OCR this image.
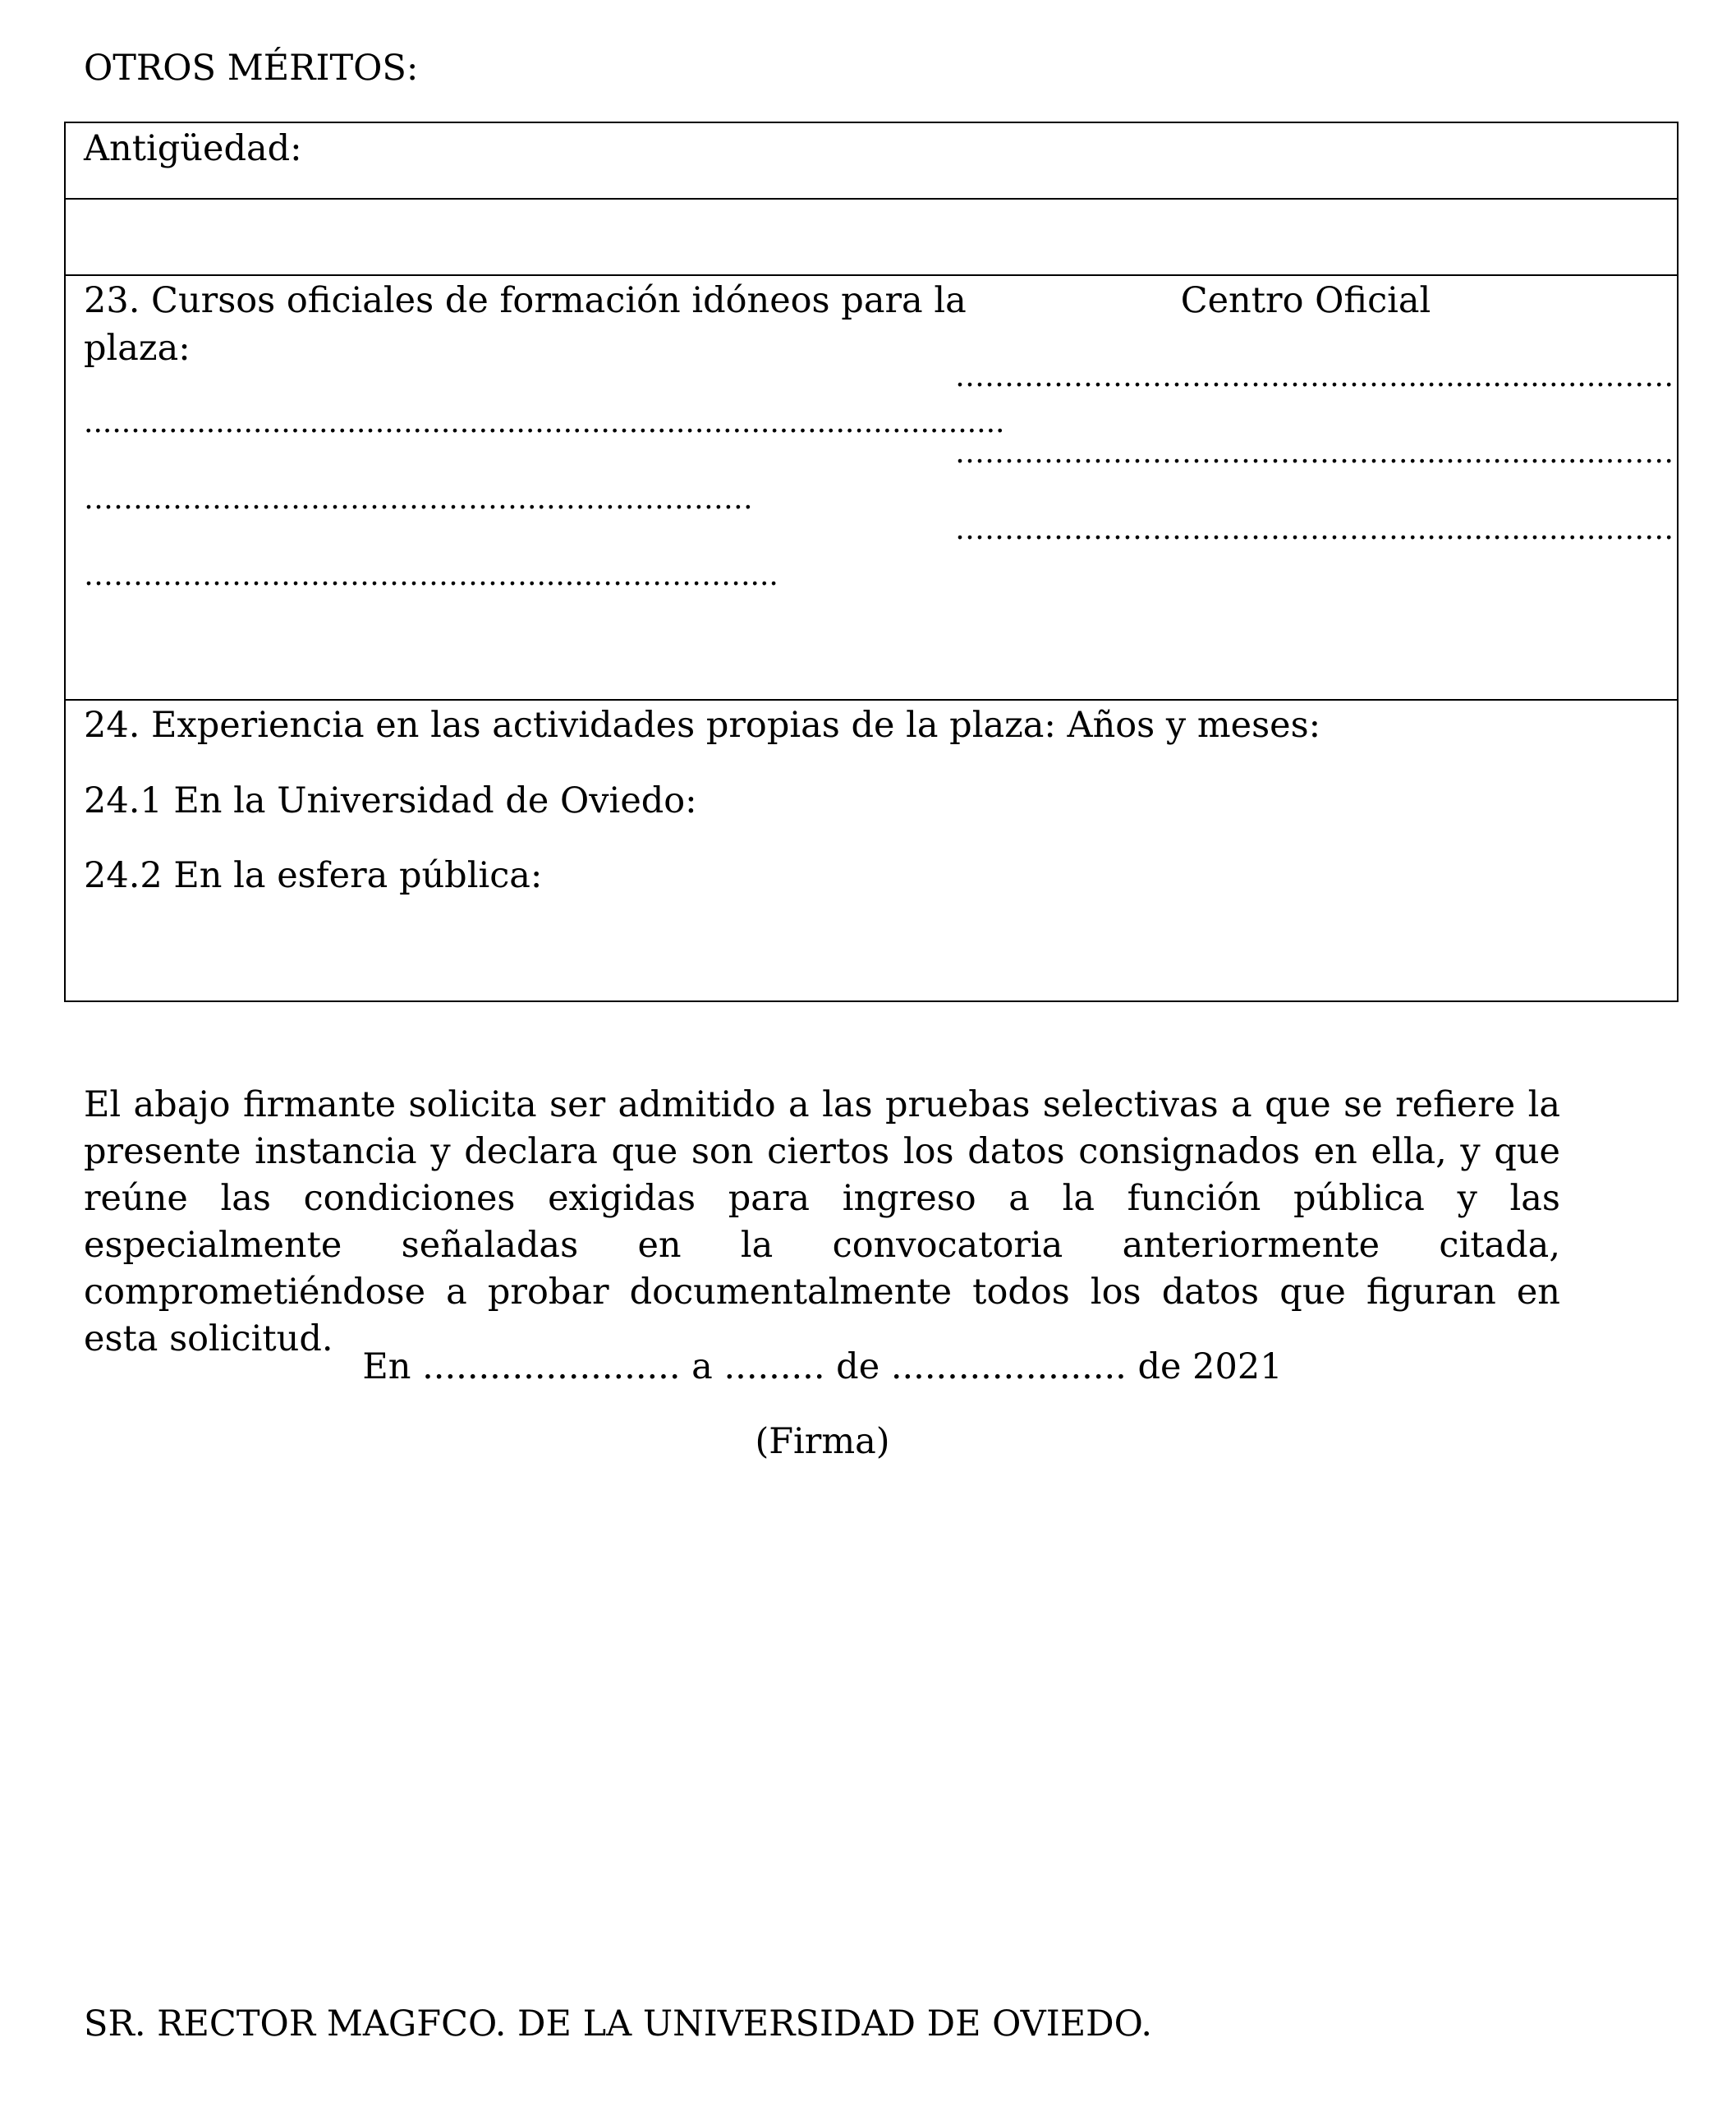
OTROS MÉRITOS:
Antigüedad:
23. Cursos oficiales de formación idóneos para la
plaza:
Centro Oficial
..................................................................................................
………………………………………..…………………
……………………………………….......……………....
……………………………………….......................……
……………………………………….......................……
……………………………………….......................……
24. Experiencia en las actividades propias de la plaza: Años y meses:
24.1 En la Universidad de Oviedo:
24.2 En la esfera pública:
El abajo firmante solicita ser admitido a las pruebas selectivas a que se refiere la presente instancia y declara que son ciertos los datos consignados en ella, y que reúne las condiciones exigidas para ingreso a la función pública y las especialmente señaladas en la convocatoria anteriormente citada, comprometiéndose a probar documentalmente todos los datos que figuran en esta solicitud.
En ....................... a ......... de ..................... de 2021
(Firma)
SR. RECTOR MAGFCO. DE LA UNIVERSIDAD DE OVIEDO.
